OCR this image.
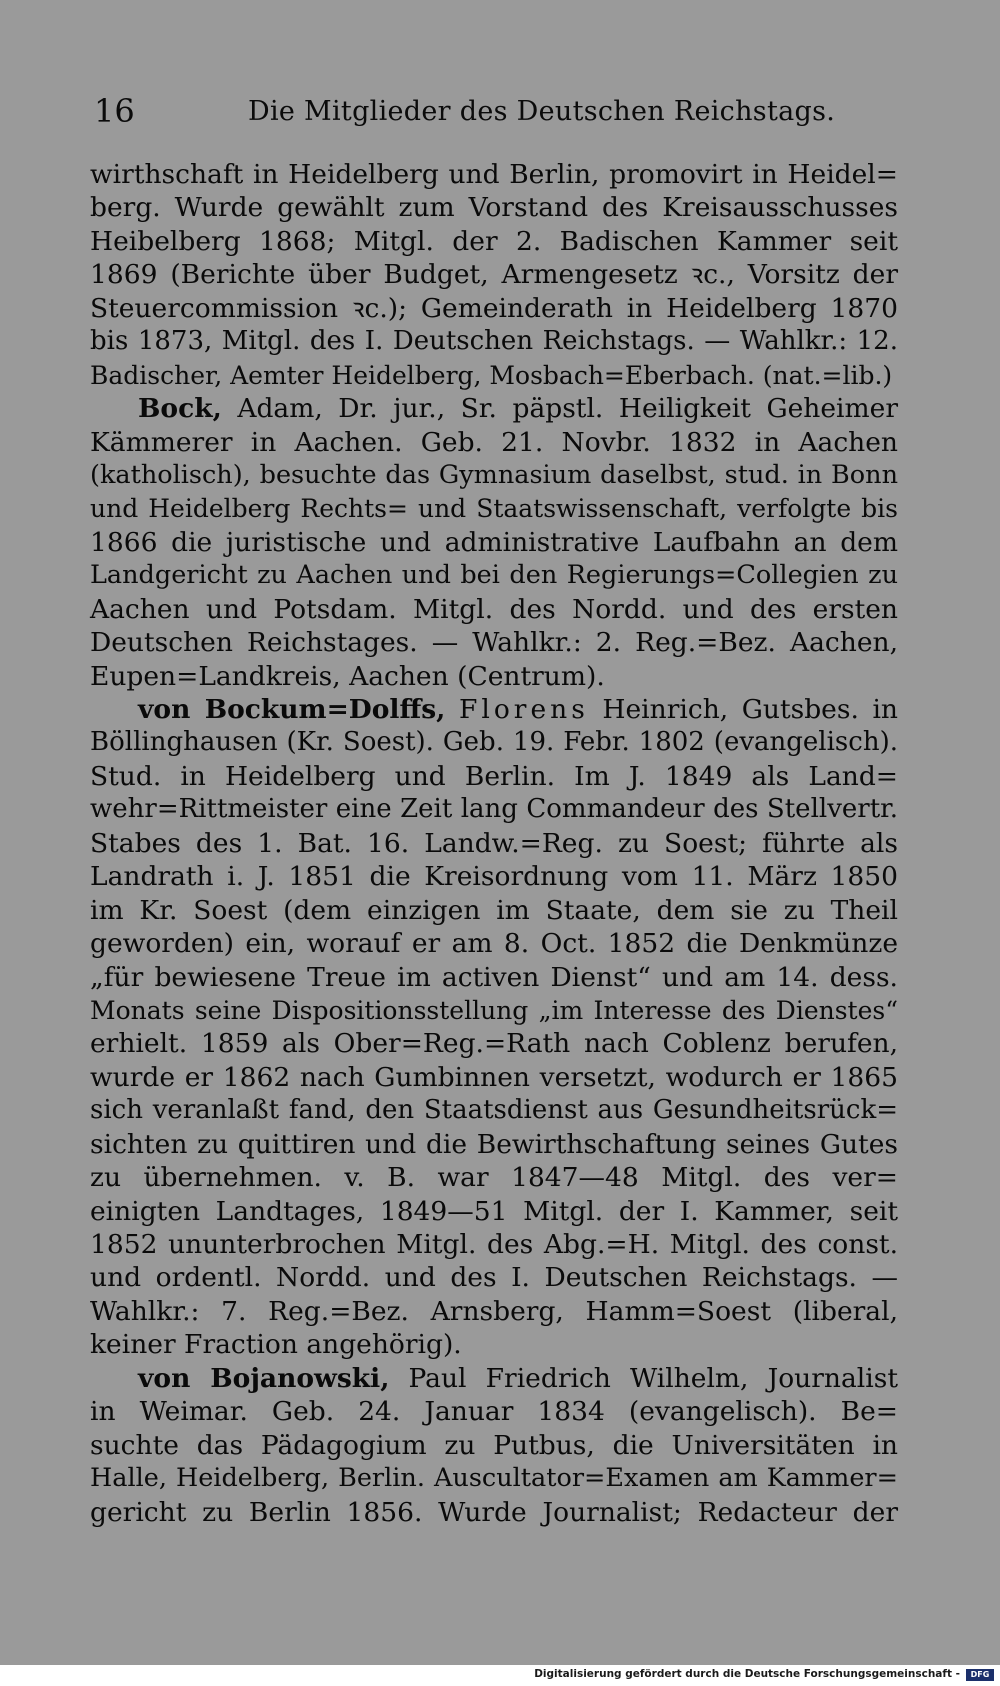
16	Die Mitglieder des Deutschen Reichstags.
wirthschaft in Heidelberg und Berlin, promovirt in Heidel=
berg. Wurde gewählt zum Vorstand des Kreisausschusses
Heibelberg 1868; Mitgl. der 2. Badischen Kammer seit
1869 (Berichte über Budget, Armengesetz ꝛc., Vorsitz der
Steuercommission ꝛc.); Gemeinderath in Heidelberg 1870
bis 1873, Mitgl. des I. Deutschen Reichstags. — Wahlkr.: 12.
Badischer, Aemter Heidelberg, Mosbach=Eberbach. (nat.=lib.)
Bock, Adam, Dr. jur., Sr. päpstl. Heiligkeit Geheimer
Kämmerer in Aachen. Geb. 21. Novbr. 1832 in Aachen
(katholisch), besuchte das Gymnasium daselbst, stud. in Bonn
und Heidelberg Rechts= und Staatswissenschaft, verfolgte bis
1866 die juristische und administrative Laufbahn an dem
Landgericht zu Aachen und bei den Regierungs=Collegien zu
Aachen und Potsdam. Mitgl. des Nordd. und des ersten
Deutschen Reichstages. — Wahlkr.: 2. Reg.=Bez. Aachen,
Eupen=Landkreis, Aachen (Centrum).
von Bockum=Dolffs, Florens Heinrich, Gutsbes. in
Böllinghausen (Kr. Soest). Geb. 19. Febr. 1802 (evangelisch).
Stud. in Heidelberg und Berlin. Im J. 1849 als Land=
wehr=Rittmeister eine Zeit lang Commandeur des Stellvertr.
Stabes des 1. Bat. 16. Landw.=Reg. zu Soest; führte als
Landrath i. J. 1851 die Kreisordnung vom 11. März 1850
im Kr. Soest (dem einzigen im Staate, dem sie zu Theil
geworden) ein, worauf er am 8. Oct. 1852 die Denkmünze
„für bewiesene Treue im activen Dienst“ und am 14. dess.
Monats seine Dispositionsstellung „im Interesse des Dienstes“
erhielt. 1859 als Ober=Reg.=Rath nach Coblenz berufen,
wurde er 1862 nach Gumbinnen versetzt, wodurch er 1865
sich veranlaßt fand, den Staatsdienst aus Gesundheitsrück=
sichten zu quittiren und die Bewirthschaftung seines Gutes
zu übernehmen. v. B. war 1847—48 Mitgl. des ver=
einigten Landtages, 1849—51 Mitgl. der I. Kammer, seit
1852 ununterbrochen Mitgl. des Abg.=H. Mitgl. des const.
und ordentl. Nordd. und des I. Deutschen Reichstags. —
Wahlkr.: 7. Reg.=Bez. Arnsberg, Hamm=Soest (liberal,
keiner Fraction angehörig).
von Bojanowski, Paul Friedrich Wilhelm, Journalist
in Weimar. Geb. 24. Januar 1834 (evangelisch). Be=
suchte das Pädagogium zu Putbus, die Universitäten in
Halle, Heidelberg, Berlin. Auscultator=Examen am Kammer=
gericht zu Berlin 1856. Wurde Journalist; Redacteur der
Digitalisierung gefördert durch die Deutsche Forschungsgemeinschaft -	DFG
